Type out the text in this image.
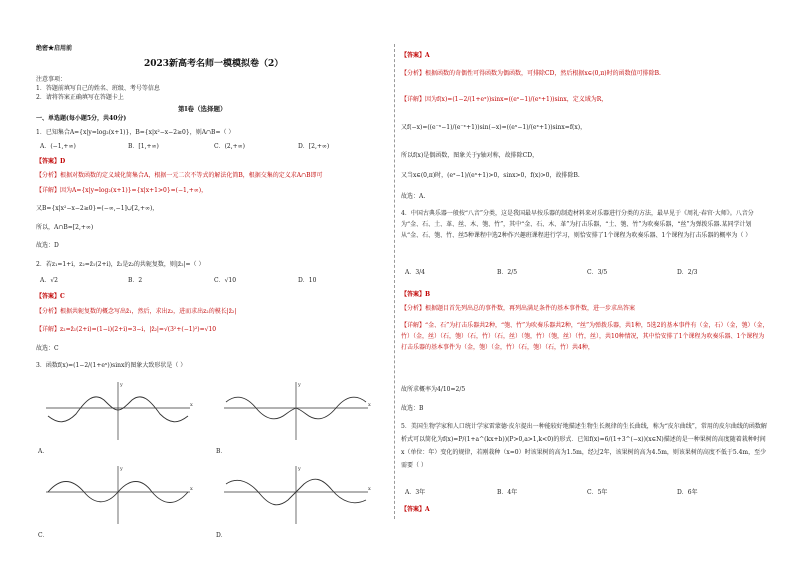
绝密★启用前
2023新高考名师一模模拟卷（2）
注意事项：
1．答题前填写自己的姓名、班级、考号等信息
2．请将答案正确填写在答题卡上
第I卷（选择题）
一、单选题(每小题5分，共40分)
1．已知集合A={x|y=log₂(x+1)}，B={x|x²−x−2≥0}，则A∩B=（ ）
A．(−1,+∞)	B．[1,+∞)	C．(2,+∞)	D．[2,+∞)
【答案】D
【分析】根据对数函数的定义域化简集合A，根据一元二次不等式的解法化简B，根据交集的定义求A∩B即可
【详解】因为A={x|y=log₂(x+1)}={x|x+1>0}=(−1,+∞)，
又B={x|x²−x−2≥0}=(−∞,−1]∪[2,+∞)，
所以，A∩B=[2,+∞)
故选：D
2．若z₁=1+i，z₂=z̄₁(2+i)，z̄₂是z₂的共轭复数，则|z̄₂|=（ ）
A．√2	B．2	C．√10	D．10
【答案】C
【分析】根据共轭复数的概念写出z̄₁，然后，求出z₂，进而求出z₂的模长|z̄₂|
【详解】z₂=z̄₁(2+i)=(1−i)(2+i)=3−i，|z̄₂|=√(3²+(−1)²)=√10
故选：C
3．函数f(x)=(1−2/(1+eˣ))sinx的图象大致形状是（ ）
x
y
A．
x
y
B．
x
y
C．
x
y
D．
【答案】A
【分析】根据函数的奇偶性可得函数为偶函数，可排除CD，然后根据x∈(0,π)时的函数值可排除B.
【详解】因为f(x)=(1−2/(1+eˣ))sinx=((eˣ−1)/(eˣ+1))sinx，定义域为R，
又f(−x)=((e⁻ˣ−1)/(e⁻ˣ+1))sin(−x)=((eˣ−1)/(eˣ+1))sinx=f(x)，
所以f(x)是偶函数，图象关于y轴对称，故排除CD，
又当x∈(0,π)时，(eˣ−1)/(eˣ+1)>0，sinx>0，f(x)>0，故排除B.
故选：A.
4．中国古典乐器一般按“八音”分类，这是我国最早按乐器的制造材料来对乐器进行分类的方法，最早见于《周礼·春官·大师》。八音分为“金、石、土、革、丝、木、匏、竹”，其中“金、石、木、革”为打击乐器，“土、匏、竹”为吹奏乐器，“丝”为弹拨乐器.某同学计划从“金、石、匏、竹、丝5种课程中选2种作兴趣班课程进行学习，则恰安排了1个课程为吹奏乐器、1个课程为打击乐器的概率为（ ）
A．3/4	B．2/5	C．3/5	D．2/3
【答案】B
【分析】根据题目首先列出总的事件数，再列出满足条件的基本事件数，进一步求出答案
【详解】“金、石”为打击乐器共2种，“匏、竹”为吹奏乐器共2种，“丝”为弹拨乐器，共1种，5选2的基本事件有（金，石）（金，匏）（金，竹）（金，丝）（石，匏）（石，竹）（石，丝）（匏，竹）（匏，丝）（竹，丝），共10种情况，其中恰安排了1个课程为吹奏乐器、1个课程为打击乐器的基本事件为（金，匏）（金，竹）（石，匏）（石，竹）共4种，
故所求概率为4/10=2/5
故选：B
5．美国生物学家和人口统计学家雷蒙德·皮尔提出一种能较好地描述生物生长规律的生长曲线，称为“皮尔曲线”，常用的皮尔曲线的函数解析式可以简化为f(x)=P/(1+a^(kx+b))(P>0,a>1,k<0)的形式．已知f(x)=6/(1+3^(−x))(x∈N)描述的是一种果树的高度随着栽种时间x（单位：年）变化的规律，若刚栽种（x=0）时该果树的高为1.5m，经过2年，该果树的高为4.5m，则该果树的高度不低于5.4m，至少需要（ ）
A．3年	B．4年	C．5年	D．6年
【答案】A
